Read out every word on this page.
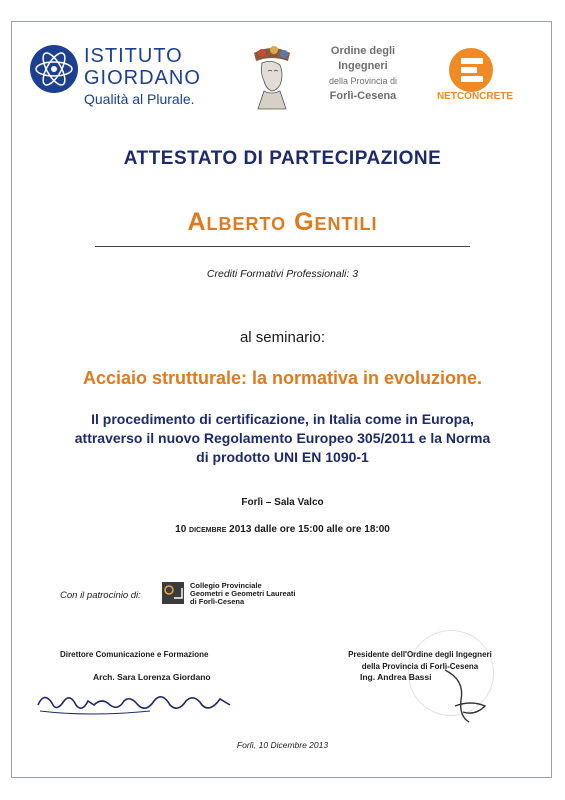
ISTITUTO
GIORDANO
Qualità al Plurale.
Ordine degli
Ingegneri
della Provincia di
Forlì-Cesena	NETCONCRETE
ATTESTATO DI PARTECIPAZIONE
Alberto Gentili
Crediti Formativi Professionali: 3
al seminario:
Acciaio strutturale: la normativa in evoluzione.
Il procedimento di certificazione, in Italia come in Europa,
attraverso il nuovo Regolamento Europeo 305/2011 e la Norma
di prodotto UNI EN 1090-1
Forlì – Sala Valco
10 dicembre 2013 dalle ore 15:00 alle ore 18:00
Con il patrocinio di:
Collegio Provinciale
Geometri e Geometri Laureati
di Forlì-Cesena
Direttore Comunicazione e Formazione
Arch. Sara Lorenza Giordano
Presidente dell'Ordine degli Ingegneri
della Provincia di Forlì-Cesena
Ing. Andrea Bassi
Forlì, 10 Dicembre 2013
